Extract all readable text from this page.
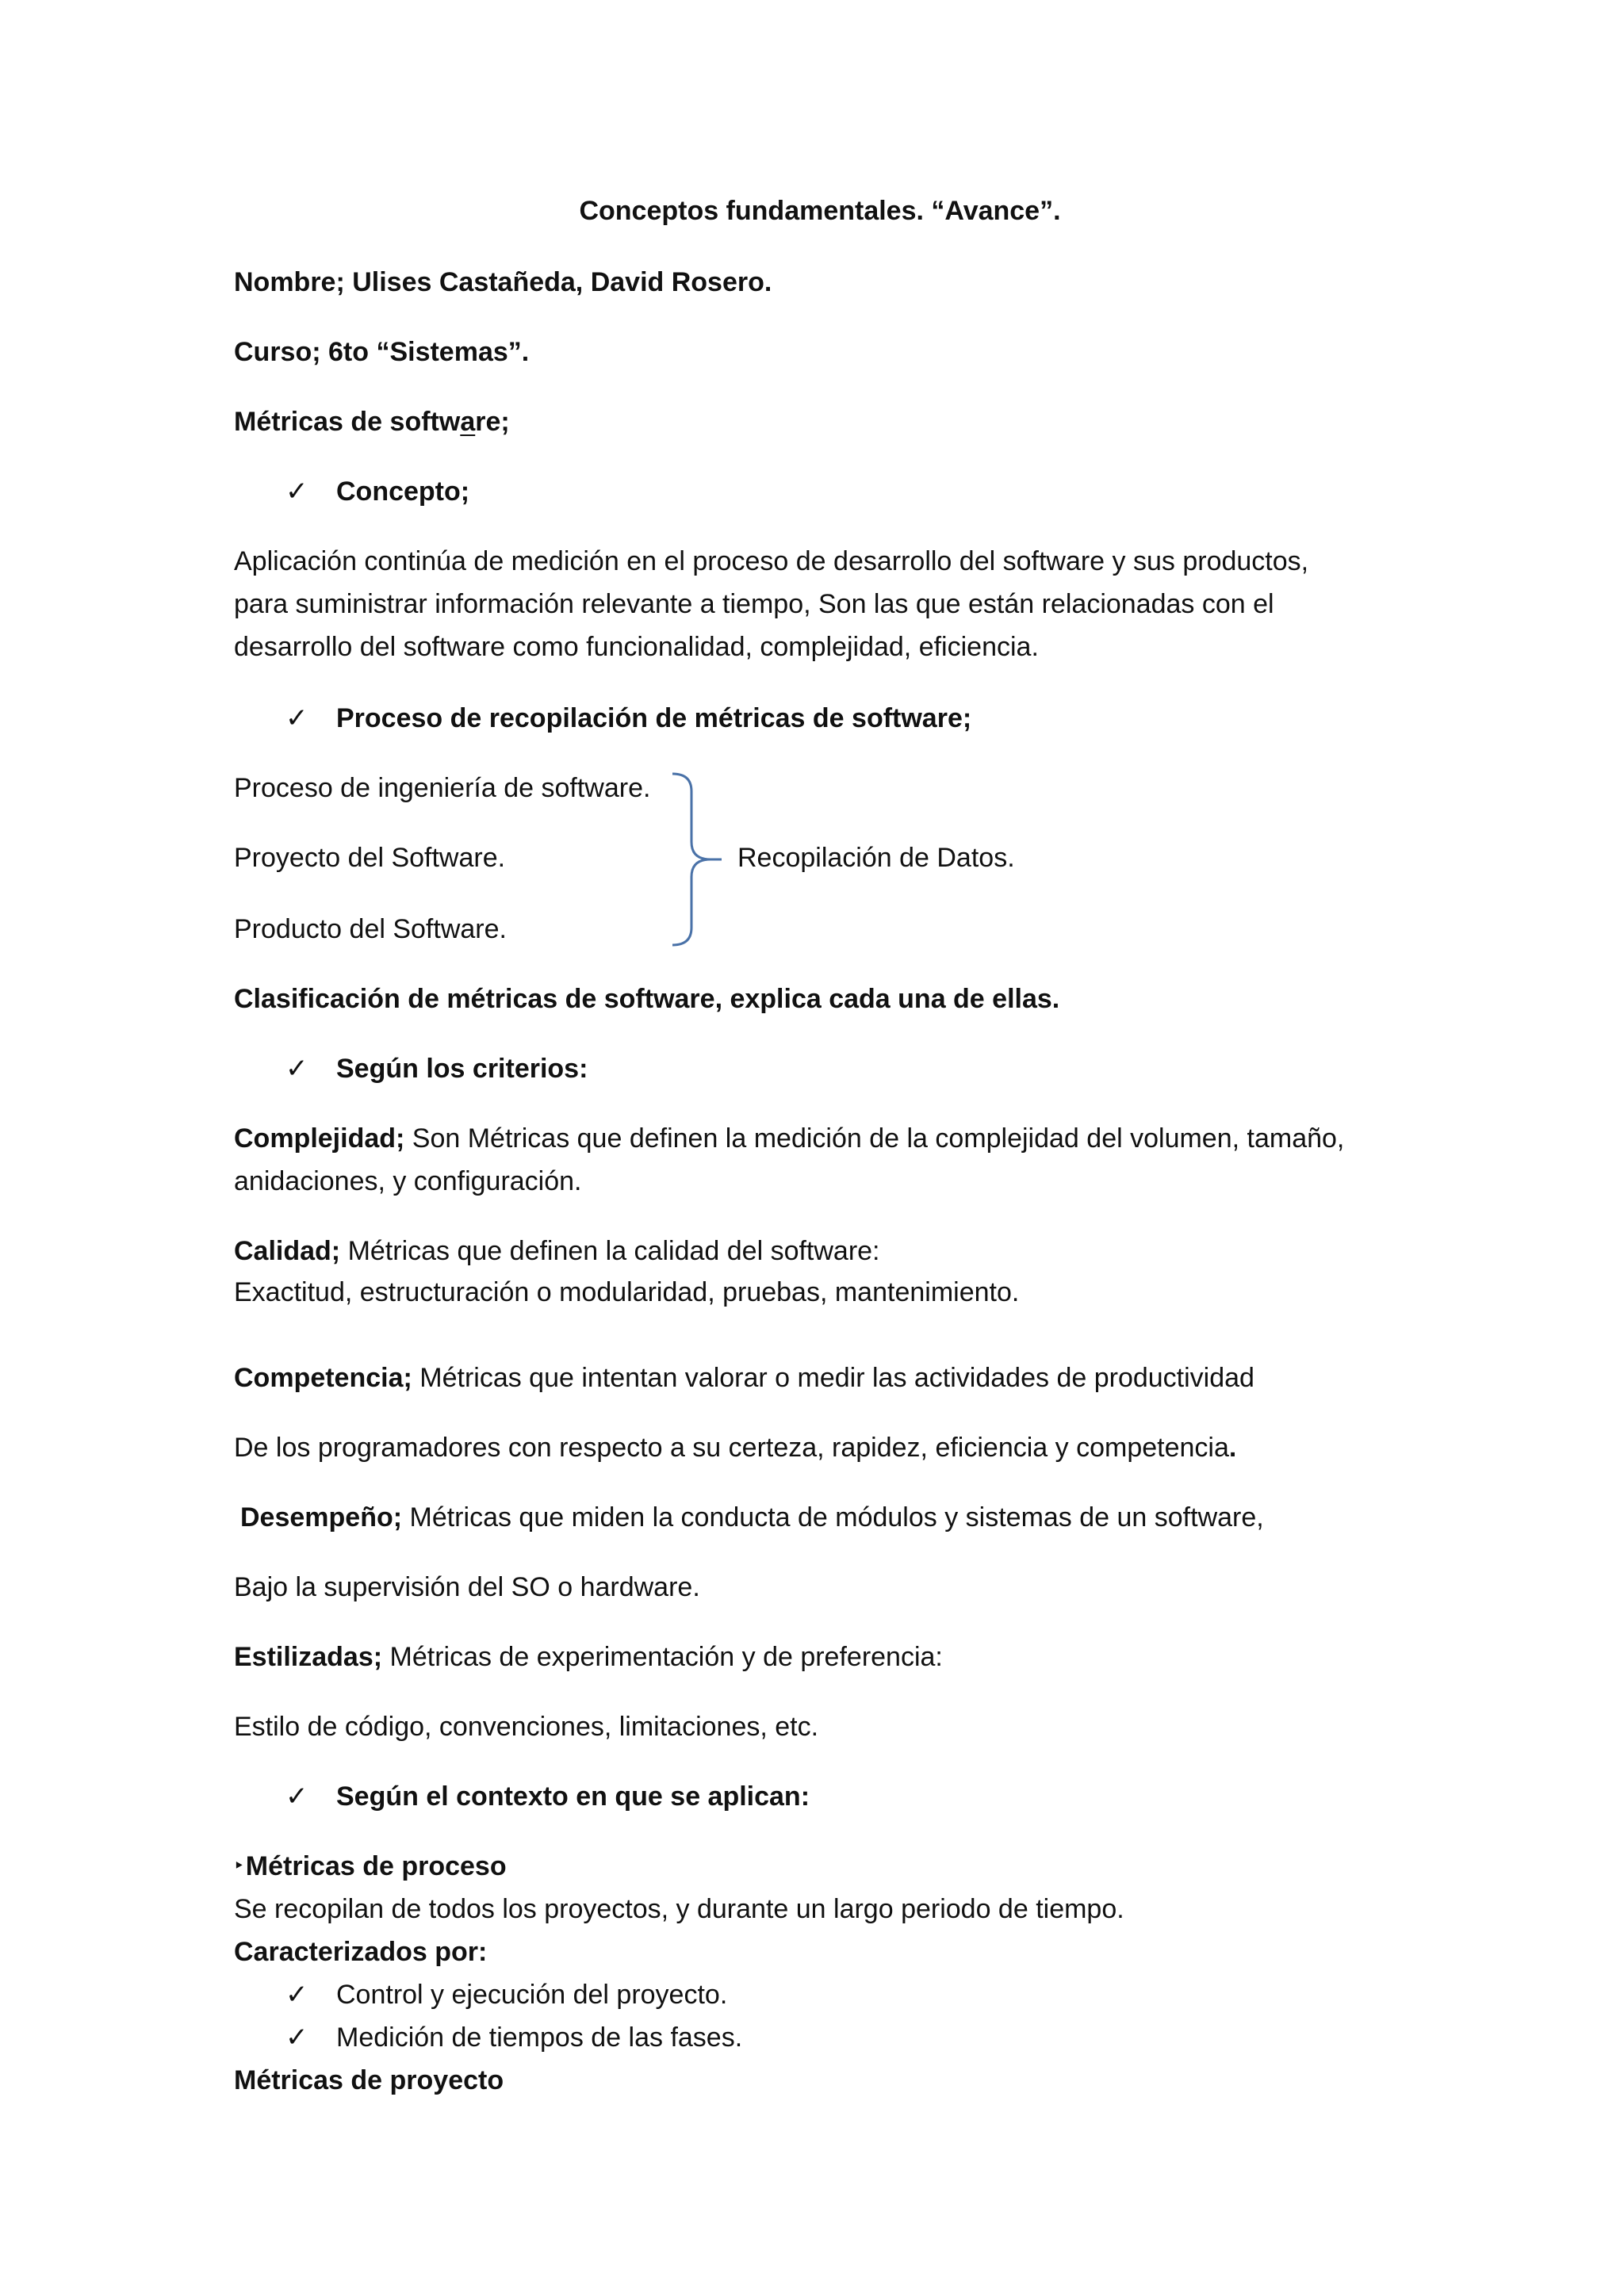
Conceptos fundamentales. “Avance”.
Nombre; Ulises Castañeda, David Rosero.
Curso; 6to “Sistemas”.
Métricas de software;
✓ Concepto;
Aplicación continúa de medición en el proceso de desarrollo del software y sus productos,
para suministrar información relevante a tiempo, Son las que están relacionadas con el
desarrollo del software como funcionalidad, complejidad, eficiencia.
✓ Proceso de recopilación de métricas de software;
Proceso de ingeniería de software.
Proyecto del Software.
Producto del Software.
Recopilación de Datos.
Clasificación de métricas de software, explica cada una de ellas.
✓ Según los criterios:
Complejidad; Son Métricas que definen la medición de la complejidad del volumen, tamaño,
anidaciones, y configuración.
Calidad; Métricas que definen la calidad del software:
Exactitud, estructuración o modularidad, pruebas, mantenimiento.
Competencia; Métricas que intentan valorar o medir las actividades de productividad
De los programadores con respecto a su certeza, rapidez, eficiencia y competencia.
Desempeño; Métricas que miden la conducta de módulos y sistemas de un software,
Bajo la supervisión del SO o hardware.
Estilizadas; Métricas de experimentación y de preferencia:
Estilo de código, convenciones, limitaciones, etc.
✓ Según el contexto en que se aplican:
‣Métricas de proceso
Se recopilan de todos los proyectos, y durante un largo periodo de tiempo.
Caracterizados por:
✓ Control y ejecución del proyecto.
✓ Medición de tiempos de las fases.
Métricas de proyecto
